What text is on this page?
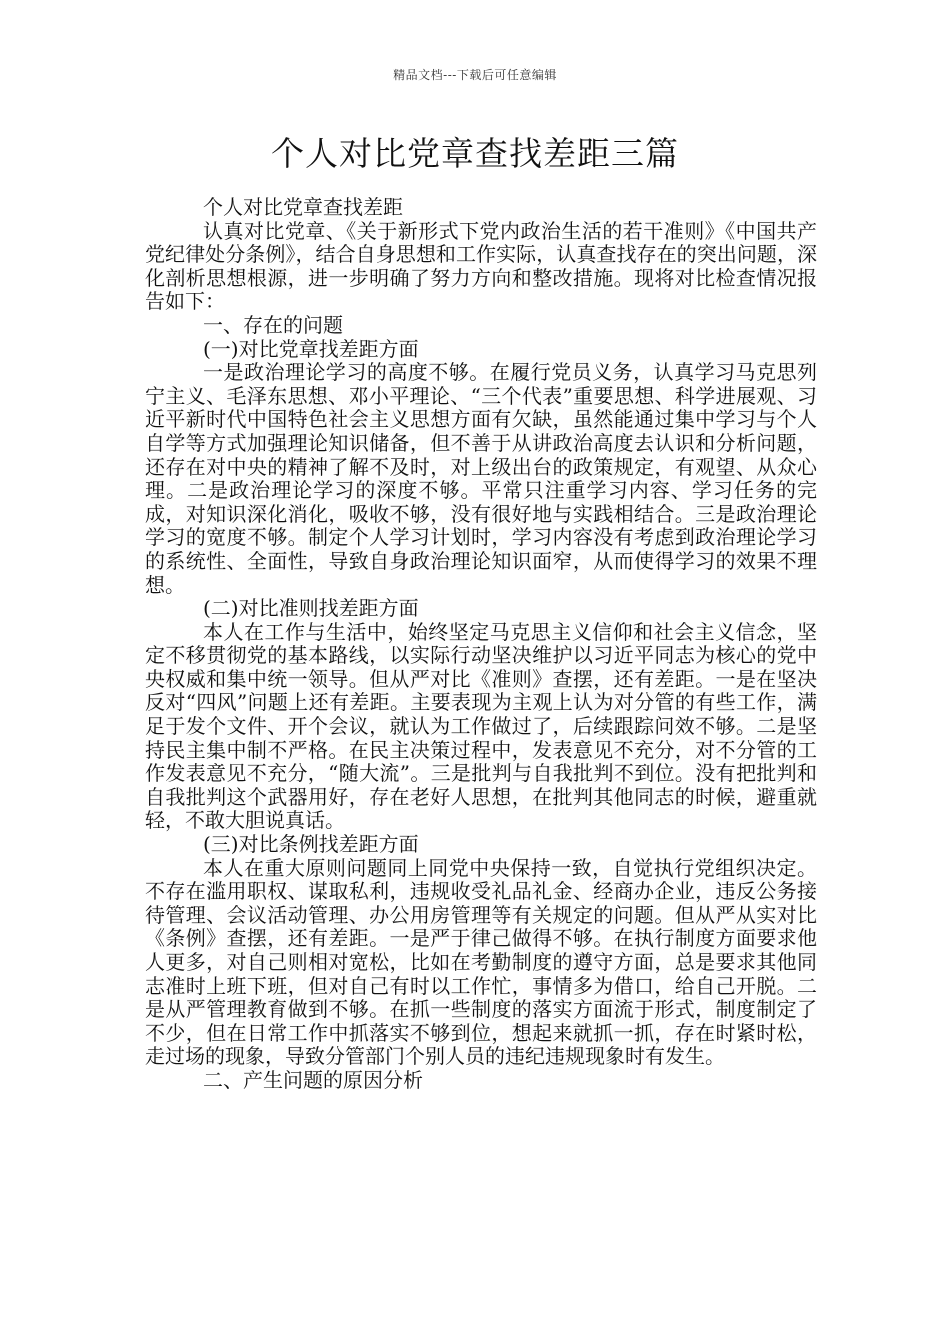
精品文档---下载后可任意编辑
个人对比党章查找差距三篇

个人对比党章查找差距

认真对比党章、《关于新形式下党内政治生活的若干准则》《中国共产党纪律处分条例》，结合自身思想和工作实际，认真查找存在的突出问题，深化剖析思想根源，进一步明确了努力方向和整改措施。现将对比检查情况报告如下：

一、存在的问题

(一)对比党章找差距方面

一是政治理论学习的高度不够。在履行党员义务，认真学习马克思列宁主义、毛泽东思想、邓小平理论、“三个代表”重要思想、科学进展观、习近平新时代中国特色社会主义思想方面有欠缺，虽然能通过集中学习与个人自学等方式加强理论知识储备，但不善于从讲政治高度去认识和分析问题，还存在对中央的精神了解不及时，对上级出台的政策规定，有观望、从众心理。二是政治理论学习的深度不够。平常只注重学习内容、学习任务的完成，对知识深化消化，吸收不够，没有很好地与实践相结合。三是政治理论学习的宽度不够。制定个人学习计划时，学习内容没有考虑到政治理论学习的系统性、全面性，导致自身政治理论知识面窄，从而使得学习的效果不理想。

(二)对比准则找差距方面

本人在工作与生活中，始终坚定马克思主义信仰和社会主义信念，坚定不移贯彻党的基本路线，以实际行动坚决维护以习近平同志为核心的党中央权威和集中统一领导。但从严对比《准则》查摆，还有差距。一是在坚决反对“四风”问题上还有差距。主要表现为主观上认为对分管的有些工作，满足于发个文件、开个会议，就认为工作做过了，后续跟踪问效不够。二是坚持民主集中制不严格。在民主决策过程中，发表意见不充分，对不分管的工作发表意见不充分，“随大流”。三是批判与自我批判不到位。没有把批判和自我批判这个武器用好，存在老好人思想，在批判其他同志的时候，避重就轻，不敢大胆说真话。

(三)对比条例找差距方面

本人在重大原则问题同上同党中央保持一致，自觉执行党组织决定。不存在滥用职权、谋取私利，违规收受礼品礼金、经商办企业，违反公务接待管理、会议活动管理、办公用房管理等有关规定的问题。但从严从实对比《条例》查摆，还有差距。一是严于律己做得不够。在执行制度方面要求他人更多，对自己则相对宽松，比如在考勤制度的遵守方面，总是要求其他同志准时上班下班，但对自己有时以工作忙，事情多为借口，给自己开脱。二是从严管理教育做到不够。在抓一些制度的落实方面流于形式，制度制定了不少，但在日常工作中抓落实不够到位，想起来就抓一抓，存在时紧时松，走过场的现象，导致分管部门个别人员的违纪违规现象时有发生。

二、产生问题的原因分析
